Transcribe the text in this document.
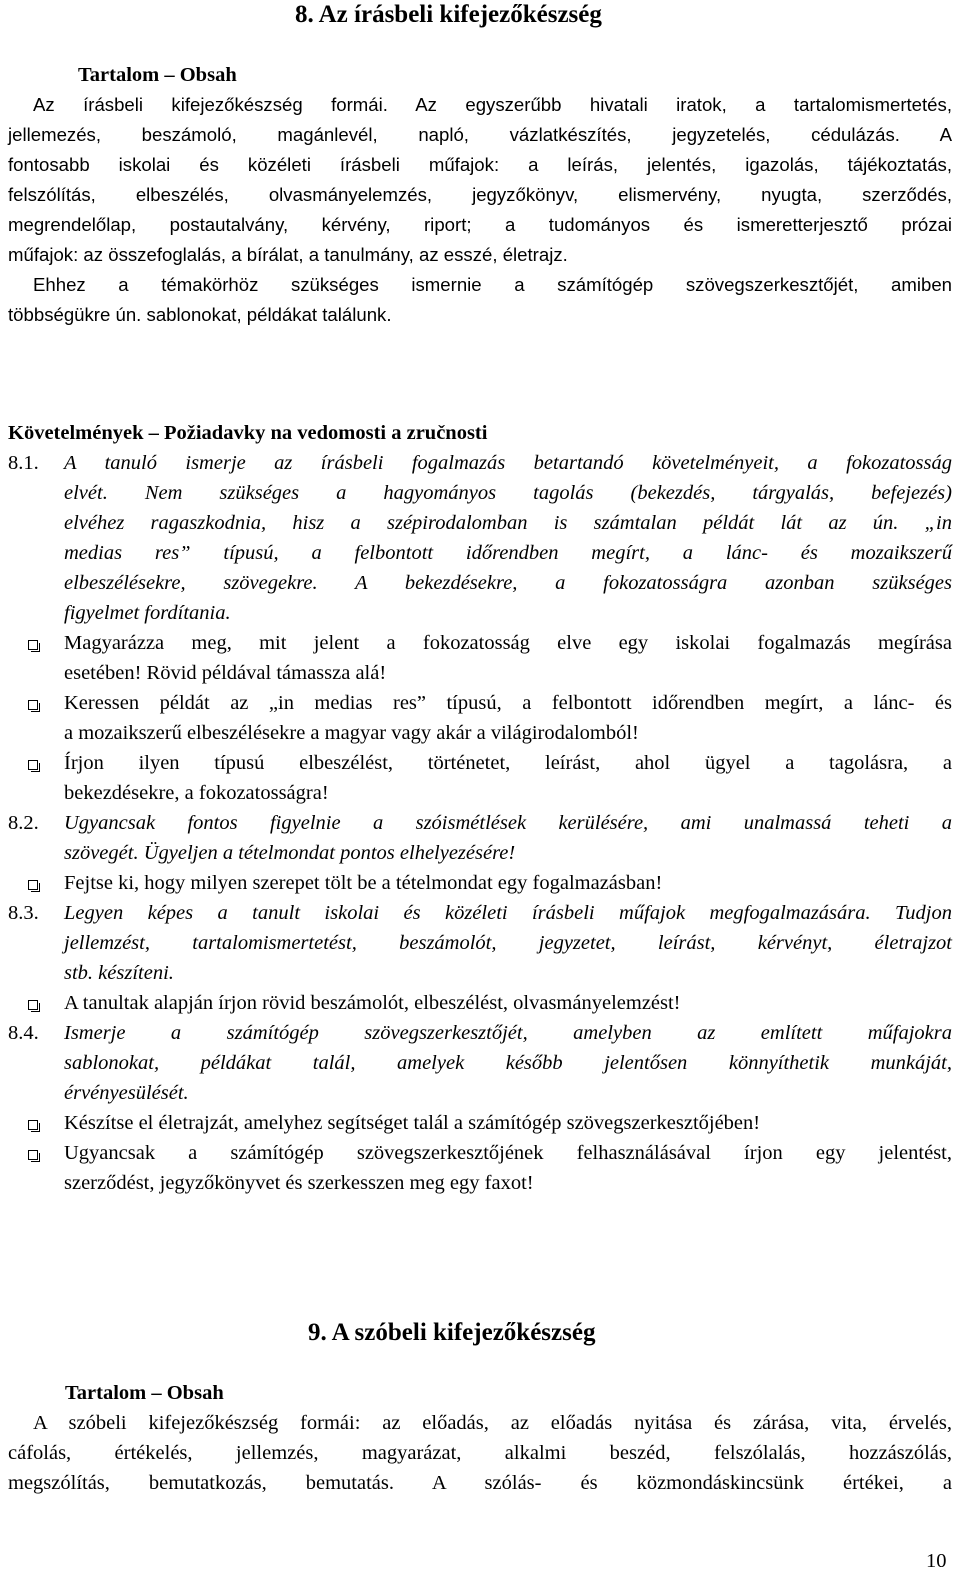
8. Az írásbeli kifejezőkészség
Tartalom – Obsah
Az írásbeli kifejezőkészség formái. Az egyszerűbb hivatali iratok, a tartalomismertetés,
jellemezés, beszámoló, magánlevél, napló, vázlatkészítés, jegyzetelés, cédulázás. A
fontosabb iskolai és közéleti írásbeli műfajok: a leírás, jelentés, igazolás, tájékoztatás,
felszólítás, elbeszélés, olvasmányelemzés, jegyzőkönyv, elismervény, nyugta, szerződés,
megrendelőlap, postautalvány, kérvény, riport; a tudományos és ismeretterjesztő prózai
műfajok: az összefoglalás, a bírálat, a tanulmány, az esszé, életrajz.
Ehhez a témakörhöz szükséges ismernie a számítógép szövegszerkesztőjét, amiben
többségükre ún. sablonokat, példákat találunk.
Követelmények – Požiadavky na vedomosti a zručnosti
8.1.	A tanuló ismerje az írásbeli fogalmazás betartandó követelményeit, a fokozatosság
elvét. Nem szükséges a hagyományos tagolás (bekezdés, tárgyalás, befejezés)
elvéhez ragaszkodnia, hisz a szépirodalomban is számtalan példát lát az ún. „in
medias res” típusú, a felbontott időrendben megírt, a lánc- és mozaikszerű
elbeszélésekre, szövegekre. A bekezdésekre, a fokozatosságra azonban szükséges
figyelmet fordítania.
Magyarázza meg, mit jelent a fokozatosság elve egy iskolai fogalmazás megírása
esetében! Rövid példával támassza alá!
Keressen példát az „in medias res” típusú, a felbontott időrendben megírt, a lánc- és
a mozaikszerű elbeszélésekre a magyar vagy akár a világirodalomból!
Írjon ilyen típusú elbeszélést, történetet, leírást, ahol ügyel a tagolásra, a
bekezdésekre, a fokozatosságra!
8.2.	Ugyancsak fontos figyelnie a szóismétlések kerülésére, ami unalmassá teheti a
szövegét. Ügyeljen a tételmondat pontos elhelyezésére!
Fejtse ki, hogy milyen szerepet tölt be a tételmondat egy fogalmazásban!
8.3.	Legyen képes a tanult iskolai és közéleti írásbeli műfajok megfogalmazására. Tudjon
jellemzést, tartalomismertetést, beszámolót, jegyzetet, leírást, kérvényt, életrajzot
stb. készíteni.
A tanultak alapján írjon rövid beszámolót, elbeszélést, olvasmányelemzést!
8.4.	Ismerje a számítógép szövegszerkesztőjét, amelyben az említett műfajokra
sablonokat, példákat talál, amelyek később jelentősen könnyíthetik munkáját,
érvényesülését.
Készítse el életrajzát, amelyhez segítséget talál a számítógép szövegszerkesztőjében!
Ugyancsak a számítógép szövegszerkesztőjének felhasználásával írjon egy jelentést,
szerződést, jegyzőkönyvet és szerkesszen meg egy faxot!
9. A szóbeli kifejezőkészség
Tartalom – Obsah
A szóbeli kifejezőkészség formái: az előadás, az előadás nyitása és zárása, vita, érvelés,
cáfolás, értékelés, jellemzés, magyarázat, alkalmi beszéd, felszólalás, hozzászólás,
megszólítás, bemutatkozás, bemutatás. A szólás- és közmondáskincsünk értékei, a
10
